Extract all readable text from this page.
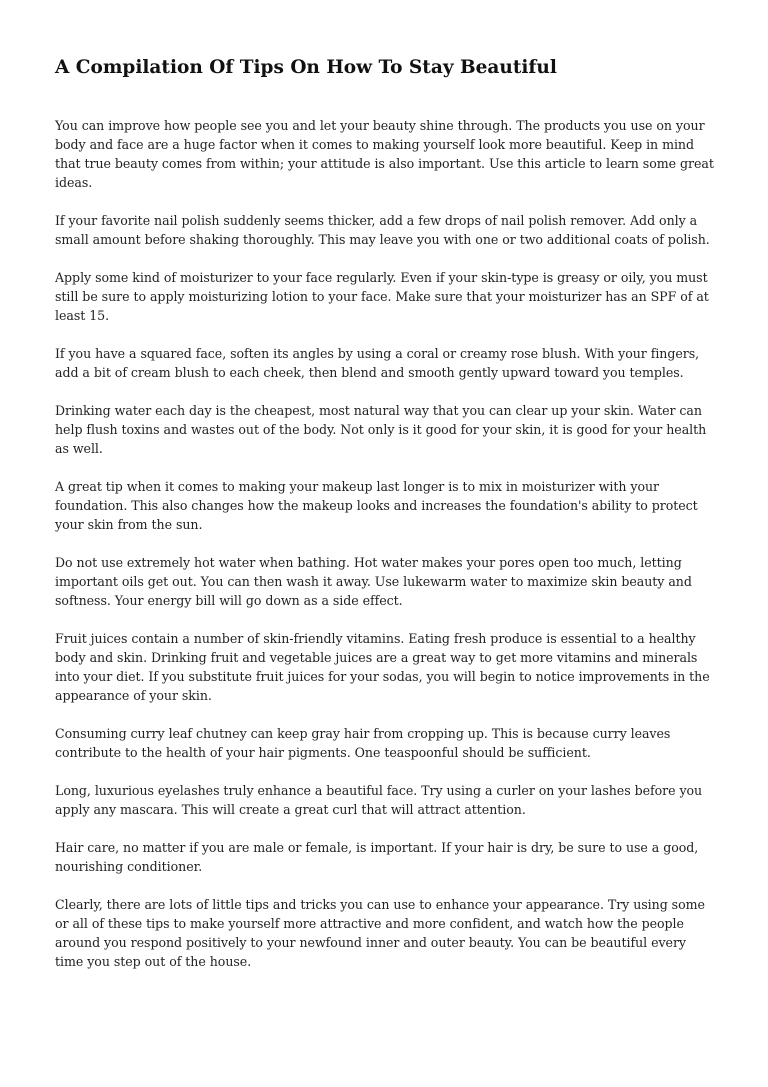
A Compilation Of Tips On How To Stay Beautiful

You can improve how people see you and let your beauty shine through. The products you use on your body and face are a huge factor when it comes to making yourself look more beautiful. Keep in mind that true beauty comes from within; your attitude is also important. Use this article to learn some great ideas.

If your favorite nail polish suddenly seems thicker, add a few drops of nail polish remover. Add only a small amount before shaking thoroughly. This may leave you with one or two additional coats of polish.

Apply some kind of moisturizer to your face regularly. Even if your skin-type is greasy or oily, you must still be sure to apply moisturizing lotion to your face. Make sure that your moisturizer has an SPF of at least 15.

If you have a squared face, soften its angles by using a coral or creamy rose blush. With your fingers, add a bit of cream blush to each cheek, then blend and smooth gently upward toward you temples.

Drinking water each day is the cheapest, most natural way that you can clear up your skin. Water can help flush toxins and wastes out of the body. Not only is it good for your skin, it is good for your health as well.

A great tip when it comes to making your makeup last longer is to mix in moisturizer with your foundation. This also changes how the makeup looks and increases the foundation's ability to protect your skin from the sun.

Do not use extremely hot water when bathing. Hot water makes your pores open too much, letting important oils get out. You can then wash it away. Use lukewarm water to maximize skin beauty and softness. Your energy bill will go down as a side effect.

Fruit juices contain a number of skin-friendly vitamins. Eating fresh produce is essential to a healthy body and skin. Drinking fruit and vegetable juices are a great way to get more vitamins and minerals into your diet. If you substitute fruit juices for your sodas, you will begin to notice improvements in the appearance of your skin.

Consuming curry leaf chutney can keep gray hair from cropping up. This is because curry leaves contribute to the health of your hair pigments. One teaspoonful should be sufficient.

Long, luxurious eyelashes truly enhance a beautiful face. Try using a curler on your lashes before you apply any mascara. This will create a great curl that will attract attention.

Hair care, no matter if you are male or female, is important. If your hair is dry, be sure to use a good, nourishing conditioner.

Clearly, there are lots of little tips and tricks you can use to enhance your appearance. Try using some or all of these tips to make yourself more attractive and more confident, and watch how the people around you respond positively to your newfound inner and outer beauty. You can be beautiful every time you step out of the house.
